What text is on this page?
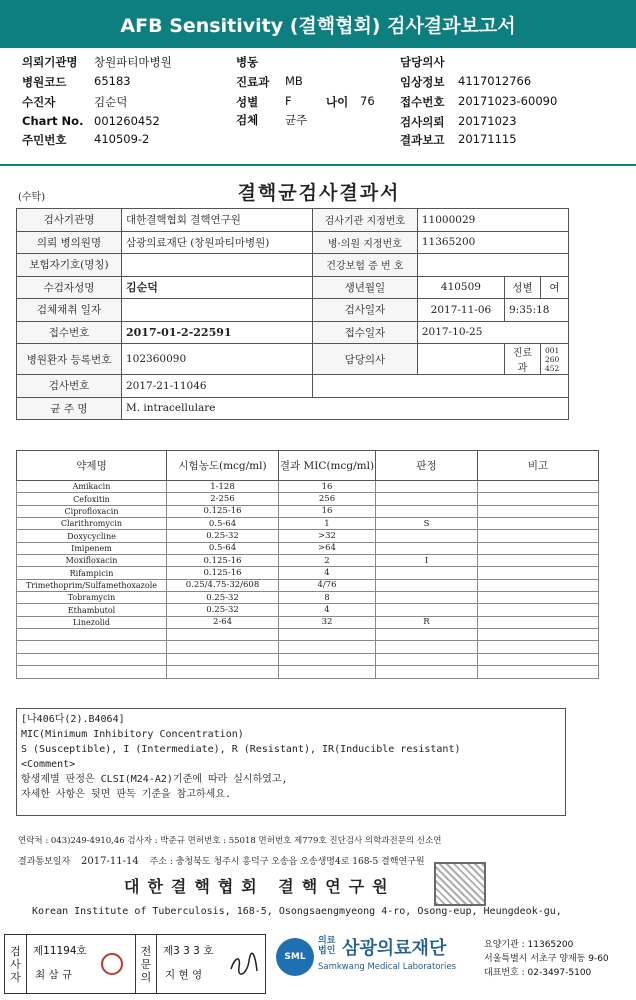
AFB Sensitivity (결핵협회) 검사결과보고서
의뢰기관명 창원파티마병원
병원코드 65183
수진자	김순덕
Chart No. 001260452
주민번호 410509-2
병동
진료과 MB
성별 F
검체 균주
나이 76
담당의사
임상정보 4117012766
접수번호 20171023-60090
검사의뢰 20171023
결과보고 20171115
(수탁)	결핵균검사결과서
검사기관명	대한결핵협회 결핵연구원	검사기관 지정번호	11000029		
의뢰 병의원명	삼광의료재단 (창원파티마병원)	병·의원 지정번호	11365200		
보험자기호(명칭)		건강보험 증 번 호			
수검자성명	김순덕	생년월일	410509	성별	여
검체채취 일자		검사일자	2017-11-06	9:35:18	
접수번호	2017-01-2-22591	접수일자	2017-10-25		
병원환자 등록번호	102360090	담당의사		진료과	001260452
검사번호	2017-21-11046				
균 주 명	M. intracellulare				
약제명	시험농도(mcg/ml)	결과 MIC(mcg/ml)	판정	비고
Amikacin	1-128	16		
Cefoxitin	2-256	256		
Ciprofloxacin	0.125-16	16		
Clarithromycin	0.5-64	1	S	
Doxycycline	0.25-32	>32		
Imipenem	0.5-64	>64		
Moxifloxacin	0.125-16	2	I	
Rifampicin	0.125-16	4		
Trimethoprim/Sulfamethoxazole	0.25/4.75-32/608	4/76		
Tobramycin	0.25-32	8		
Ethambutol	0.25-32	4		
Linezolid	2-64	32	R	

[나406다(2).B4064]
MIC(Minimum Inhibitory Concentration)
S (Susceptible), I (Intermediate), R (Resistant), IR(Inducible resistant)
<Comment>
항생제별 판정은 CLSI(M24-A2)기준에 따라 실시하였고,
자세한 사항은 뒷면 판독 기준을 참고하세요.
연락처 : 043)249-4910,46 검사자 : 박준규 면허번호 : 55018 면허번호 제779호 진단검사 의학과전문의 신소연
결과통보일자 2017-11-14 주소 : 충청북도 청주시 흥덕구 오송읍 오송생명4로 168-5 결핵연구원
대한결핵협회 결핵연구원
Korean Institute of Tuberculosis, 168-5, Osongsaengmyeong 4-ro, Osong-eup, Heungdeok-gu,
검
사
자
제11194호
최 삼 규
전
문
의
제3 3 3 호
지 현 영
SML
의료
법인 삼광의료재단
Samkwang Medical Laboratories
요양기관 : 11365200
서울특별시 서초구 양재동 9-60
대표번호 : 02-3497-5100
